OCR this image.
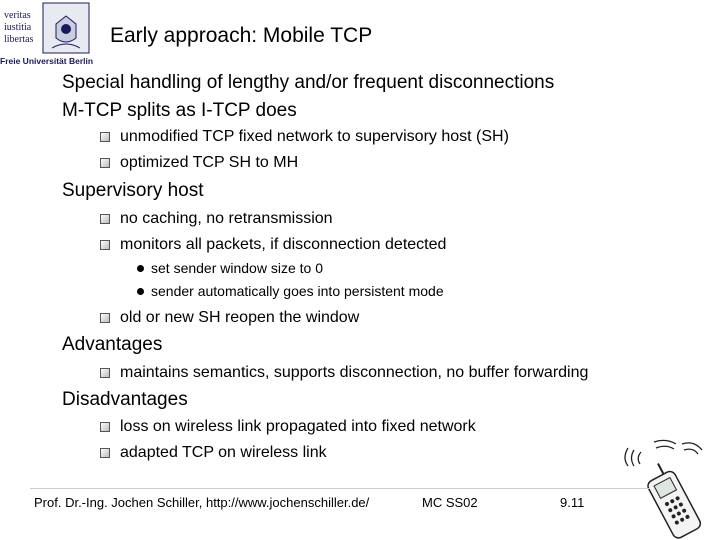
veritas
iustitia
libertas
Freie Universität Berlin
Early approach: Mobile TCP
Special handling of lengthy and/or frequent disconnections
M-TCP splits as I-TCP does
unmodified TCP fixed network to supervisory host (SH)
optimized TCP SH to MH
Supervisory host
no caching, no retransmission
monitors all packets, if disconnection detected
set sender window size to 0
sender automatically goes into persistent mode
old or new SH reopen the window
Advantages
maintains semantics, supports disconnection, no buffer forwarding
Disadvantages
loss on wireless link propagated into fixed network
adapted TCP on wireless link
Prof. Dr.-Ing. Jochen Schiller, http://www.jochenschiller.de/	MC SS02	9.11
